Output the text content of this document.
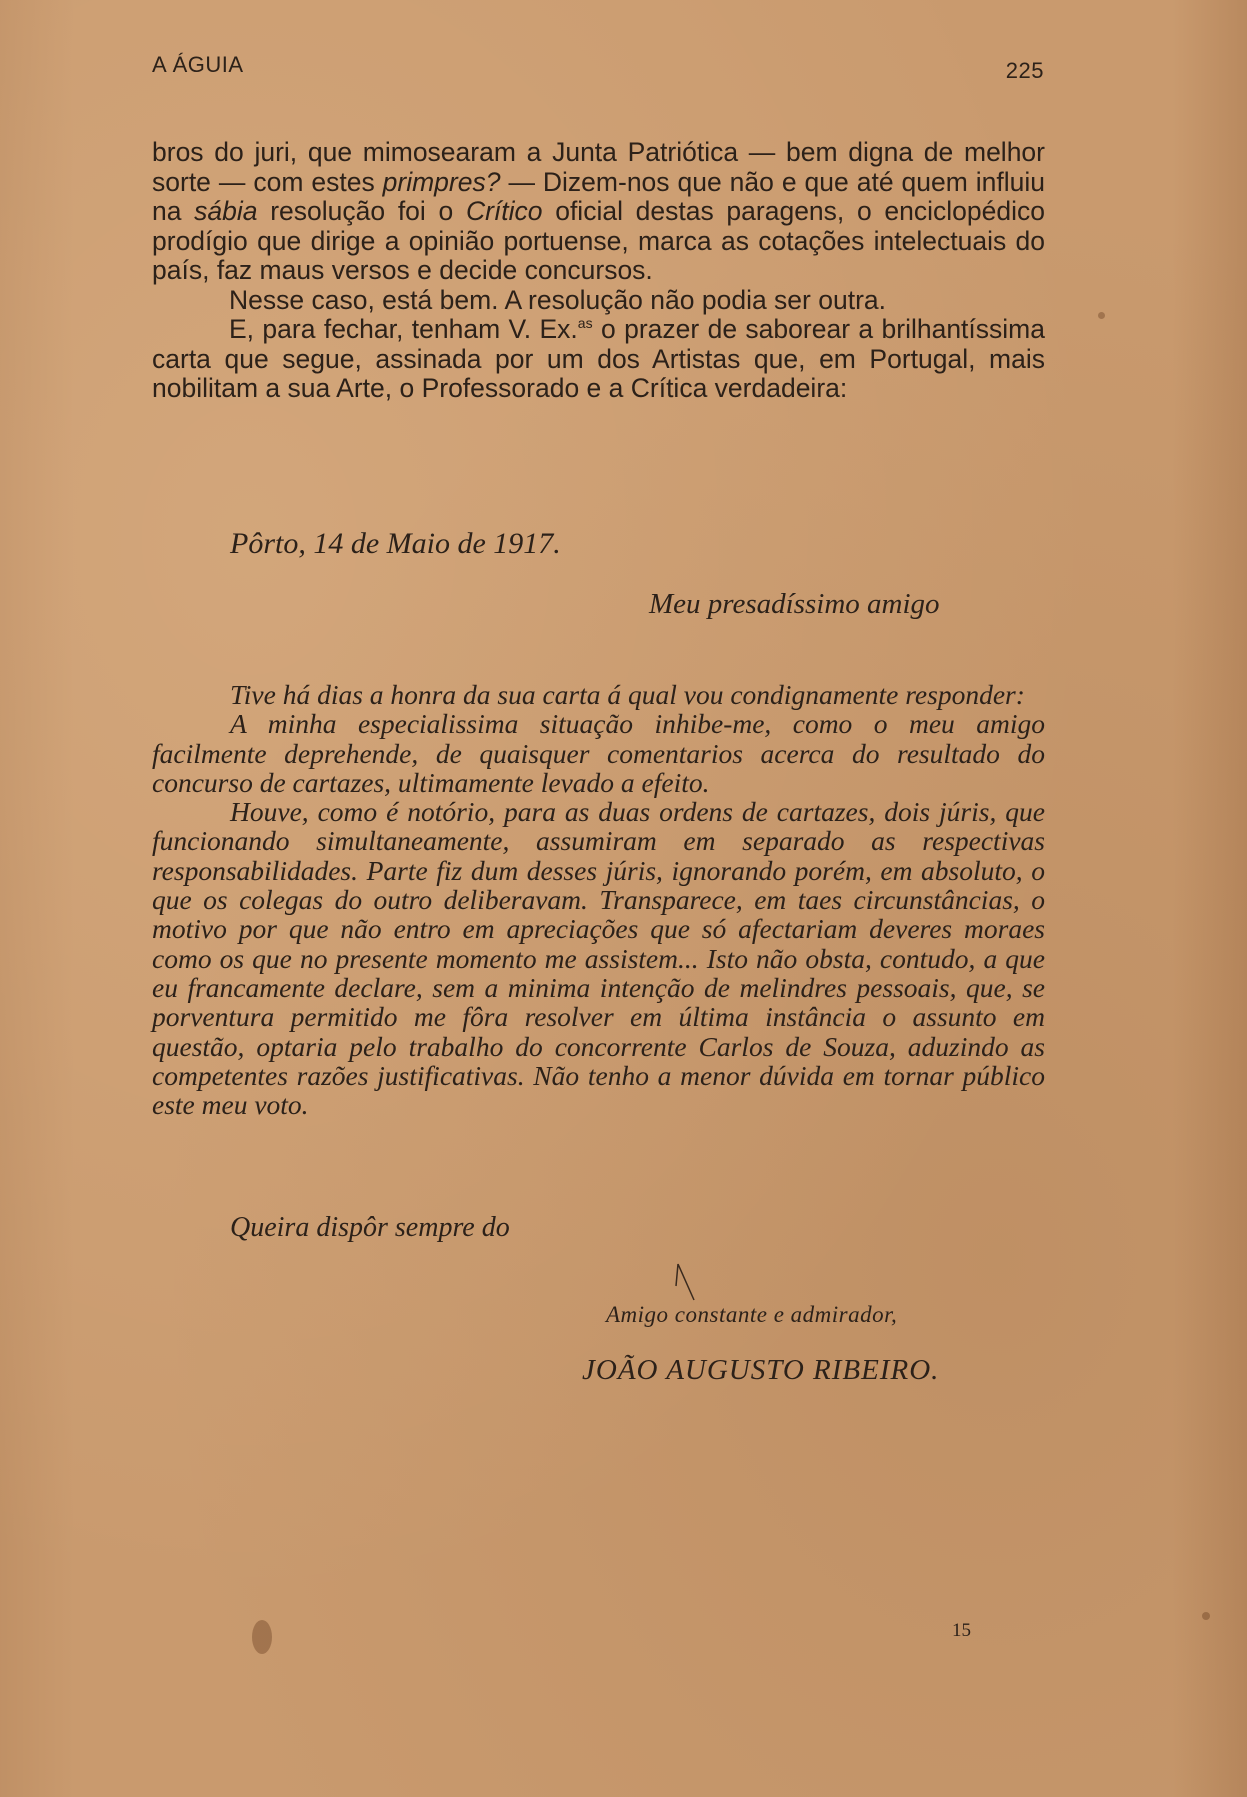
A ÁGUIA	225

bros do juri, que mimosearam a Junta Patriótica — bem digna de melhor sorte — com estes primpres? — Dizem-nos que não e que até quem influiu na sábia resolução foi o Crítico oficial destas paragens, o enciclopédico prodígio que dirige a opinião portuense, marca as cotações intelectuais do país, faz maus versos e decide concursos.

Nesse caso, está bem. A resolução não podia ser outra.

E, para fechar, tenham V. Ex.$^{as}$ o prazer de saborear a brilhantíssima carta que segue, assinada por um dos Artistas que, em Portugal, mais nobilitam a sua Arte, o Professorado e a Crítica verdadeira:

Pôrto, 14 de Maio de 1917.
Meu presadíssimo amigo

Tive há dias a honra da sua carta á qual vou condignamente responder:

A minha especialissima situação inhibe-me, como o meu amigo facilmente deprehende, de quaisquer comentarios acerca do resultado do concurso de cartazes, ultimamente levado a efeito.

Houve, como é notório, para as duas ordens de cartazes, dois júris, que funcionando simultaneamente, assumiram em separado as respectivas responsabilidades. Parte fiz dum desses júris, ignorando porém, em absoluto, o que os colegas do outro deliberavam. Transparece, em taes circunstâncias, o motivo por que não entro em apreciações que só afectariam deveres moraes como os que no presente momento me assistem... Isto não obsta, contudo, a que eu francamente declare, sem a minima intenção de melindres pessoais, que, se porventura permitido me fôra resolver em última instância o assunto em questão, optaria pelo trabalho do concorrente Carlos de Souza, aduzindo as competentes razões justificativas. Não tenho a menor dúvida em tornar público este meu voto.

Queira dispôr sempre do
Amigo constante e admirador,
JOÃO AUGUSTO RIBEIRO.
15
